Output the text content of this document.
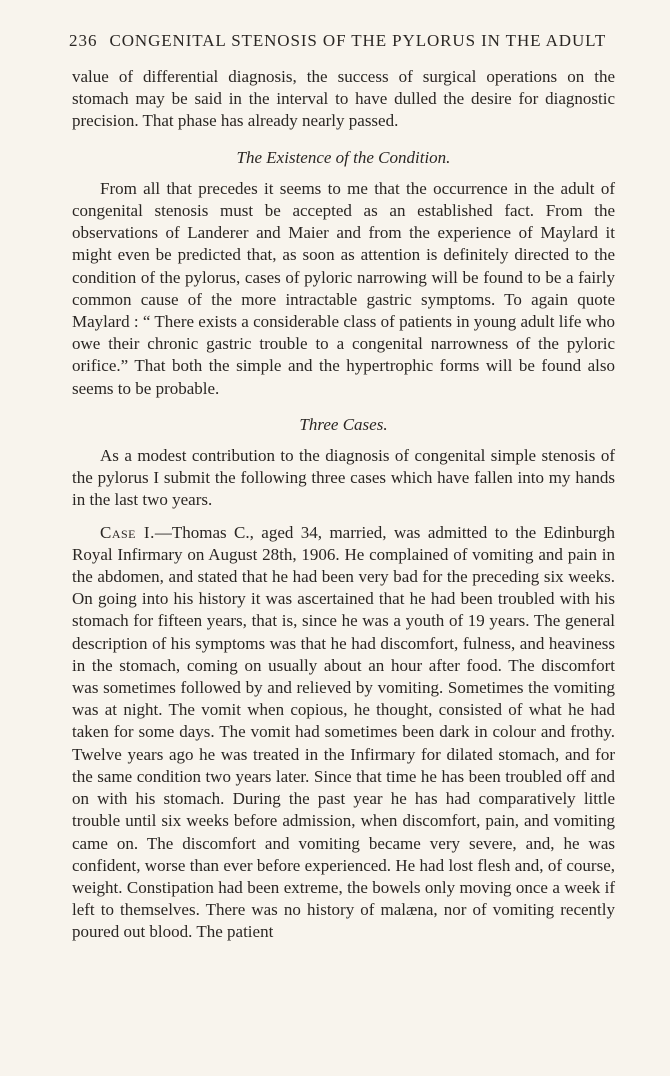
236 CONGENITAL STENOSIS OF THE PYLORUS IN THE ADULT

value of differential diagnosis, the success of surgical operations on the stomach may be said in the interval to have dulled the desire for diagnostic precision. That phase has already nearly passed.

The Existence of the Condition.

From all that precedes it seems to me that the occurrence in the adult of congenital stenosis must be accepted as an established fact. From the observations of Landerer and Maier and from the experience of Maylard it might even be predicted that, as soon as attention is definitely directed to the condition of the pylorus, cases of pyloric narrowing will be found to be a fairly common cause of the more intractable gastric symptoms. To again quote Maylard : “ There exists a considerable class of patients in young adult life who owe their chronic gastric trouble to a congenital narrowness of the pyloric orifice.” That both the simple and the hypertrophic forms will be found also seems to be probable.

Three Cases.

As a modest contribution to the diagnosis of congenital simple stenosis of the pylorus I submit the following three cases which have fallen into my hands in the last two years.

Case I.—Thomas C., aged 34, married, was admitted to the Edinburgh Royal Infirmary on August 28th, 1906. He complained of vomiting and pain in the abdomen, and stated that he had been very bad for the preceding six weeks. On going into his history it was ascertained that he had been troubled with his stomach for fifteen years, that is, since he was a youth of 19 years. The general description of his symptoms was that he had discomfort, fulness, and heaviness in the stomach, coming on usually about an hour after food. The discomfort was sometimes followed by and relieved by vomiting. Sometimes the vomiting was at night. The vomit when copious, he thought, consisted of what he had taken for some days. The vomit had sometimes been dark in colour and frothy. Twelve years ago he was treated in the Infirmary for dilated stomach, and for the same condition two years later. Since that time he has been troubled off and on with his stomach. During the past year he has had comparatively little trouble until six weeks before admission, when discomfort, pain, and vomiting came on. The discomfort and vomiting became very severe, and, he was confident, worse than ever before experienced. He had lost flesh and, of course, weight. Constipation had been extreme, the bowels only moving once a week if left to themselves. There was no history of malæna, nor of vomiting recently poured out blood. The patient
